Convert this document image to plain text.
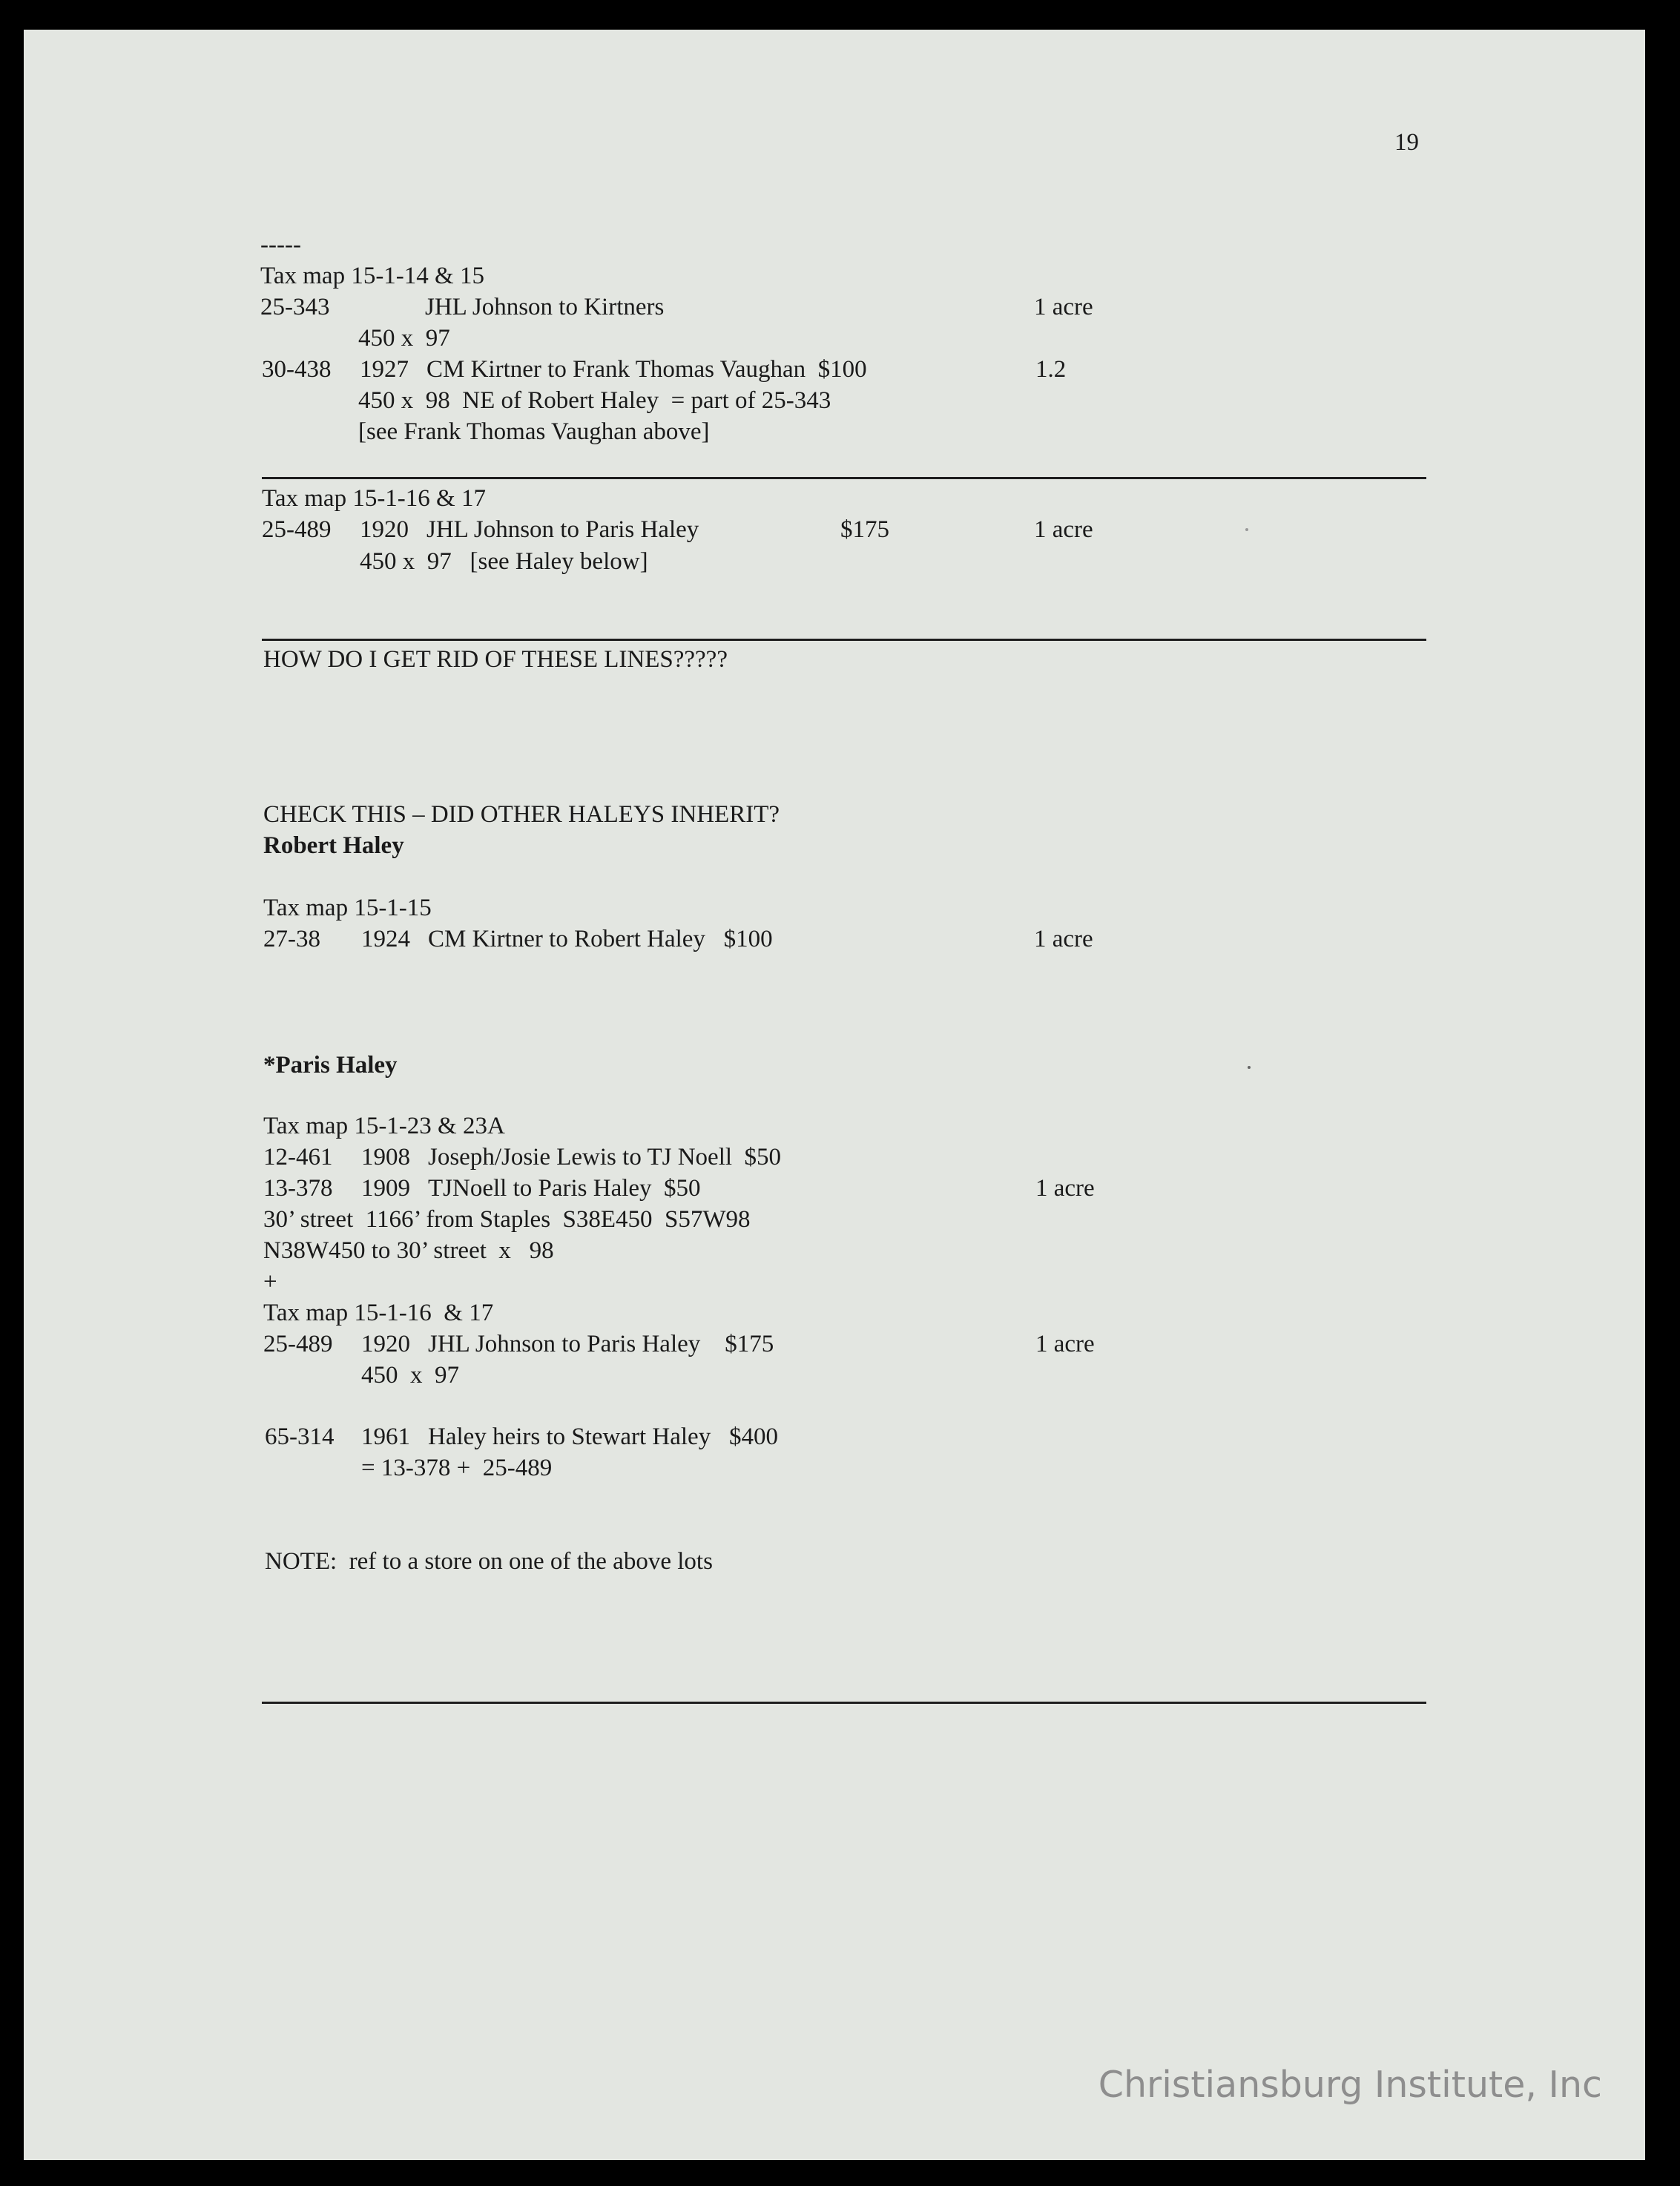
19
-----
Tax map 15-1-14 & 15
25-343	JHL Johnson to Kirtners	1 acre
450 x  97
30-438 1927 CM Kirtner to Frank Thomas Vaughan  $100	1.2
450 x  98  NE of Robert Haley  = part of 25-343
[see Frank Thomas Vaughan above]
Tax map 15-1-16 & 17
25-489 1920 JHL Johnson to Paris Haley	$175	1 acre
450 x  97   [see Haley below]
HOW DO I GET RID OF THESE LINES?????
CHECK THIS – DID OTHER HALEYS INHERIT?
Robert Haley
Tax map 15-1-15
27-38 1924 CM Kirtner to Robert Haley   $100	1 acre
*Paris Haley
Tax map 15-1-23 & 23A
12-461 1908 Joseph/Josie Lewis to TJ Noell  $50
13-378 1909 TJNoell to Paris Haley  $50	1 acre
30’ street  1166’ from Staples  S38E450  S57W98
N38W450 to 30’ street  x   98
+
Tax map 15-1-16  & 17
25-489 1920 JHL Johnson to Paris Haley    $175	1 acre
450  x  97
65-314 1961 Haley heirs to Stewart Haley   $400
= 13-378 +  25-489
NOTE:  ref to a store on one of the above lots
Christiansburg Institute, Inc
